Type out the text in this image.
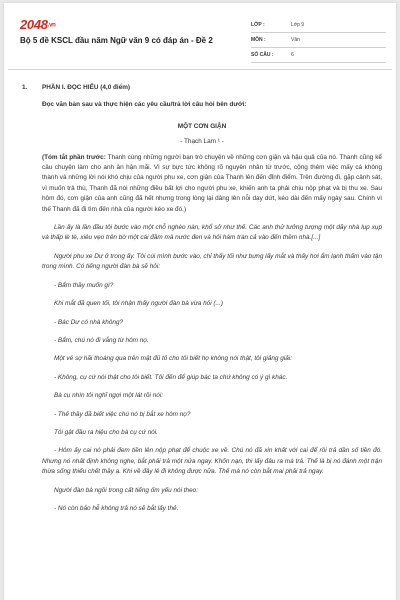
2048.vn
Bộ 5 đề KSCL đầu năm Ngữ văn 9 có đáp án - Đề 2
LỚP :	Lớp 9
MÔN :	Văn
SỐ CÂU :	6
1.	PHẦN I. ĐỌC HIỂU (4,0 điểm)
Đọc văn bản sau và thực hiện các yêu cầu/trả lời câu hỏi bên dưới:
MỘT CƠN GIẬN
- Thạch Lam ¹ -
(Tóm tắt phần trước: Thanh cùng những người bạn trò chuyện về những cơn giận và hậu quả của nó. Thanh cũng kể câu chuyện làm cho anh ân hận mãi. Vì sự bực tức không rõ nguyên nhân từ trước, cộng thêm việc mấy cá không thành và những lời nói khó chịu của người phu xe, cơn giận của Thanh lên đến đỉnh điểm. Trên đường đi, gặp cảnh sát, vì muốn trả thù, Thanh đã nói những điều bất lợi cho người phu xe, khiến anh ta phải chịu nộp phạt và bị thu xe. Sau hôm đó, cơn giận của anh cũng đã hết nhưng trong lòng lại dâng lên nỗi day dứt, kéo dài đến mấy ngày sau. Chính vì thế Thanh đã đi tìm đến nhà của người kéo xe đó.)
Lần ấy là lần đầu tôi bước vào một chỗ nghèo nàn, khổ sở như thế. Các anh thử tưởng tượng một dãy nhà lụp xụp và thấp lè tè, xiêu vẹo trên bờ một cái đầm mà nước đen và hôi hám tràn cả vào đến thềm nhà.[...]
Người phu xe Dư ở trong ấy. Tôi cúi mình bước vào, chỉ thấy tối như bưng lấy mắt và thấy hơi ẩm lạnh thấm vào tận trong mình. Có tiếng người đàn bà sẽ hỏi:
- Bẩm thầy muốn gì?
Khi mắt đã quen tối, tôi nhận thấy người đàn bà vừa hỏi (...)
- Bác Dư có nhà không?
- Bẩm, chú nó đi vắng từ hôm nọ.
Một vẻ sợ hãi thoáng qua trên mặt đủ tỏ cho tôi biết họ không nói thật, tôi giảng giải:
- Không, cụ cứ nói thật cho tôi biết. Tôi đến để giúp bác ta chứ không có ý gì khác.
Bà cụ nhìn tôi nghĩ ngợi một lát rồi nói:
- Thế thầy đã biết việc chú nó bị bắt xe hôm nọ?
Tôi gật đầu ra hiệu cho bà cụ cứ nói.
- Hôm ấy cai nó phải đem tiền lên nộp phạt để chuộc xe về. Chú nó đã xin khất với cai để rồi trả dần số tiền đó. Nhưng nó nhất định không nghe, bắt phải trả một nửa ngay. Khốn nạn, thì lấy đâu ra mà trả. Thế là bị nó đánh một trận thừa sống thiếu chết thầy ạ. Khi về đây lê đi không được nữa. Thế mà nó còn bắt mai phải trả ngay.
Người đàn bà ngồi trong cất tiếng ốm yếu nói theo:
- Nó còn bảo hễ không trả nó sẽ bắt lấy thẻ.
